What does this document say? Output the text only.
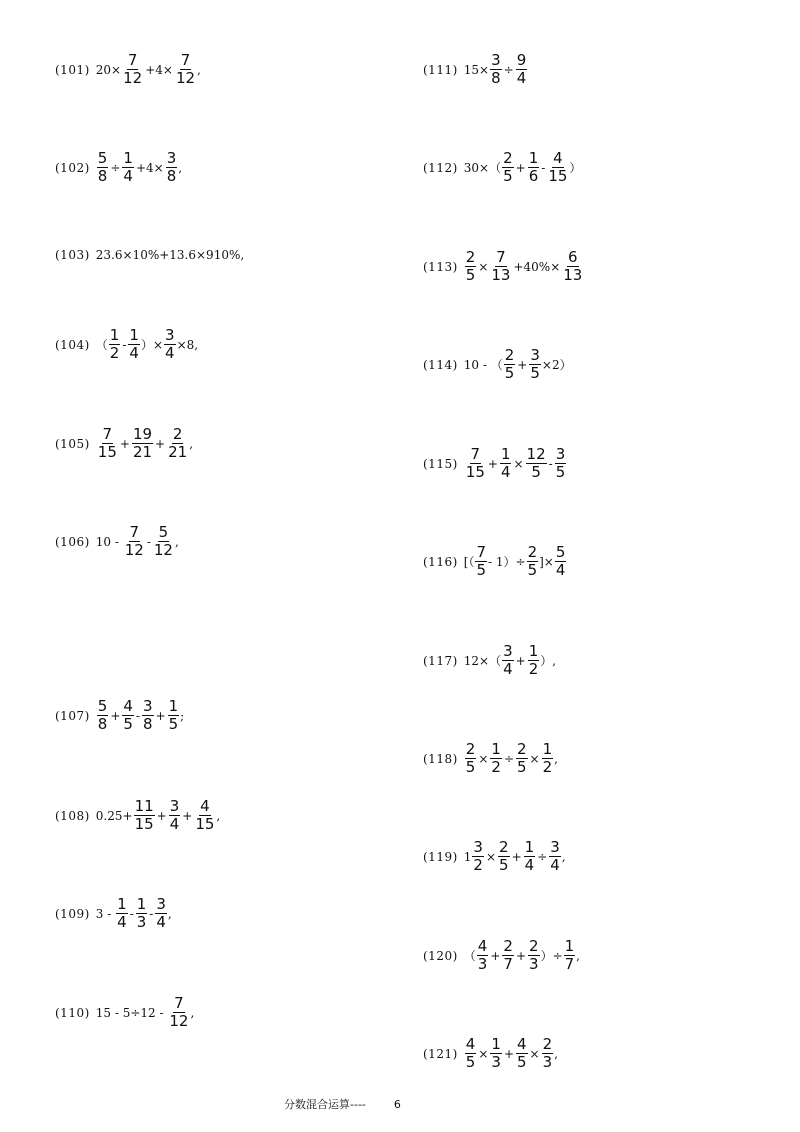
(101) $20\times \frac{7}{12} +4\times \frac{7}{12}$ ,
$(102) \frac{5}{8} \div \frac{1}{4} +4\times \frac{3}{8}$ ,
(103) 23.6×10%+13.6×910%,
(104) （ $\frac{1}{2} - \frac{1}{4}$ ）× $\frac{3}{4} \times 8$,
$(105) \frac{7}{15} + \frac{19}{21} + \frac{2}{21}$ ,
(106) $10 - \frac{7}{12} - \frac{5}{12}$ ,
$(107) \frac{5}{8} + \frac{4}{5} - \frac{3}{8} + \frac{1}{5}$ ;
(108) $0.25+ \frac{11}{15} + \frac{3}{4} + \frac{4}{15}$ ,
(109) $3 - \frac{1}{4} - \frac{1}{3} - \frac{3}{4}$ ,
(110) $15 - 5\div 12 - \frac{7}{12}$ ,
(111) $15\times \frac{3}{8} \div \frac{9}{4}$
(112) $30\times( \frac{2}{5} + \frac{1}{6} - \frac{4}{15}$ ）
$(113) \frac{2}{5} \times \frac{7}{13} +40\%\times \frac{6}{13}$
(114) 10 - （ $\frac{2}{5} + \frac{3}{5} \times 2$）
$(115) \frac{7}{15} + \frac{1}{4} \times \frac{12}{5} - \frac{3}{5}$
(116) [（ $\frac{7}{5} - 1)\div \frac{2}{5}$ ]× $\frac{5}{4}$
(117) $12\times( \frac{3}{4} + \frac{1}{2}$ ）,
$(118) \frac{2}{5} \times \frac{1}{2} \div \frac{2}{5} \times \frac{1}{2}$ ,
(119) $1 \frac{3}{2} \times \frac{2}{5} + \frac{1}{4} \div \frac{3}{4}$ ,
(120) （ $\frac{4}{3} + \frac{2}{7} + \frac{2}{3}$ ）÷ $\frac{1}{7}$ ,
$(121) \frac{4}{5} \times \frac{1}{3} + \frac{4}{5} \times \frac{2}{3}$ ,
分数混合运算----	6
